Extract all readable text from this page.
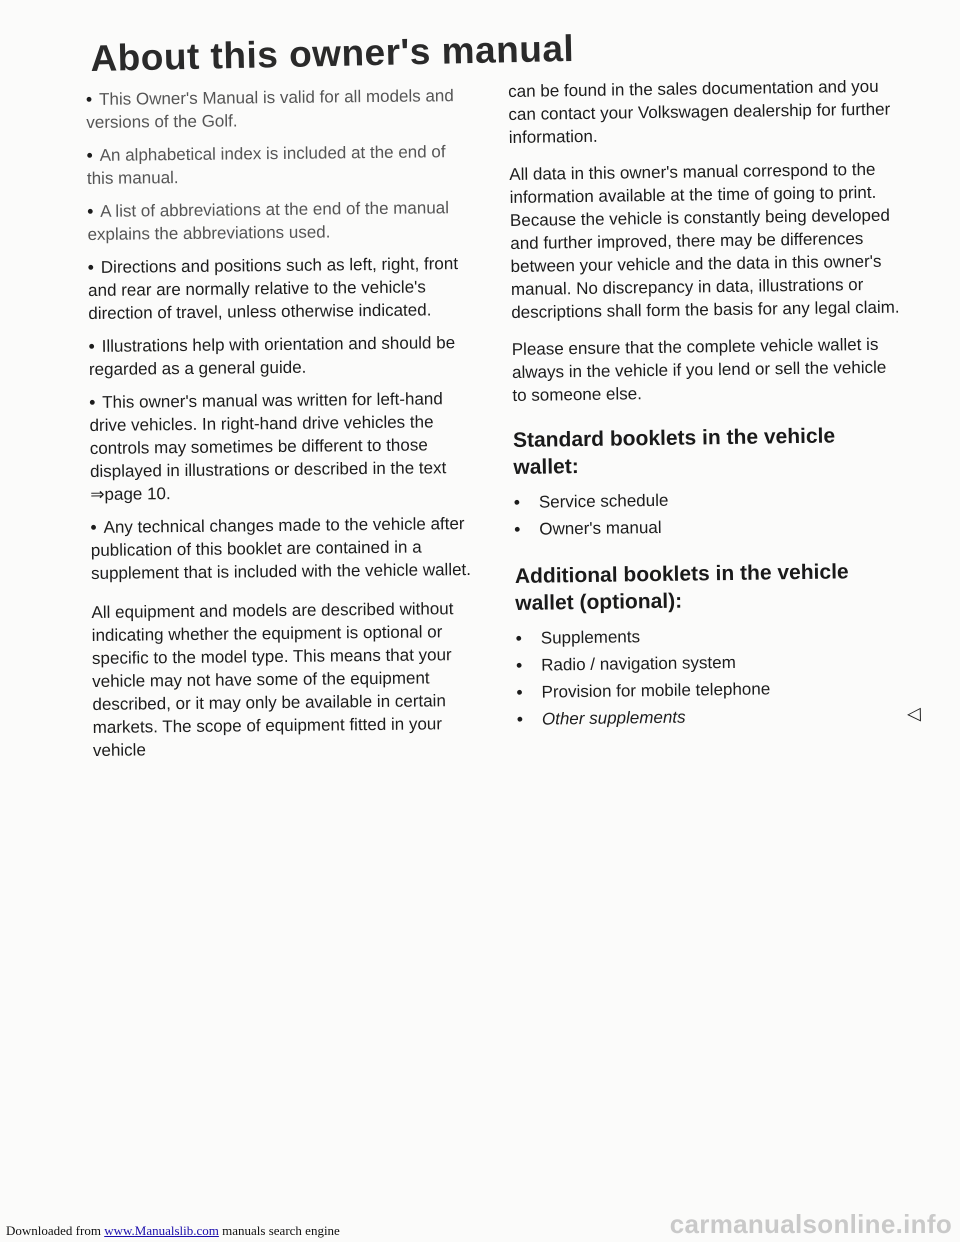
About this owner's manual

• This Owner's Manual is valid for all models and versions of the Golf.

• An alphabetical index is included at the end of this manual.

• A list of abbreviations at the end of the manual explains the abbreviations used.

• Directions and positions such as left, right, front and rear are normally relative to the vehicle's direction of travel, unless otherwise indicated.

• Illustrations help with orientation and should be regarded as a general guide.

• This owner's manual was written for left-hand drive vehicles. In right-hand drive vehicles the controls may sometimes be different to those displayed in illustrations or described in the text ⇒page 10.

• Any technical changes made to the vehicle after publication of this booklet are contained in a supplement that is included with the vehicle wallet.

All equipment and models are described without indicating whether the equipment is optional or specific to the model type. This means that your vehicle may not have some of the equipment described, or it may only be available in certain markets. The scope of equipment fitted in your vehicle

can be found in the sales documentation and you can contact your Volkswagen dealership for further information.

All data in this owner's manual correspond to the information available at the time of going to print. Because the vehicle is constantly being developed and further improved, there may be differences between your vehicle and the data in this owner's manual. No discrepancy in data, illustrations or descriptions shall form the basis for any legal claim.

Please ensure that the complete vehicle wallet is always in the vehicle if you lend or sell the vehicle to someone else.

Standard booklets in the vehicle wallet:
•	Service schedule
•	Owner's manual
Additional booklets in the vehicle wallet (optional):
•	Supplements
•	Radio / navigation system
•	Provision for mobile telephone
•	Other supplements	◁
Downloaded from www.Manualslib.com manuals search engine	carmanualsonline.info
